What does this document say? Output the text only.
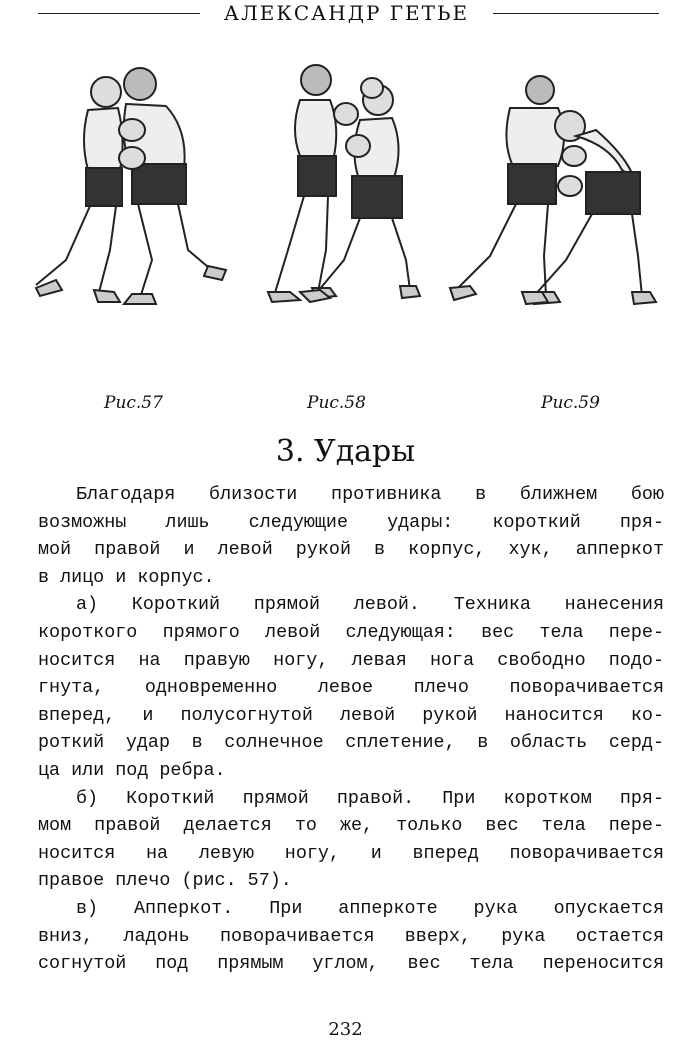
АЛЕКСАНДР ГЕТЬЕ
Рис.57	Рис.58	Рис.59
3. Удары
Благодаря близости противника в ближнем бою
возможны лишь следующие удары: короткий пря-
мой правой и левой рукой в корпус, хук, апперкот
в лицо и корпус.
а) Короткий прямой левой. Техника нанесения
короткого прямого левой следующая: вес тела пере-
носится на правую ногу, левая нога свободно подо-
гнута, одновременно левое плечо поворачивается
вперед, и полусогнутой левой рукой наносится ко-
роткий удар в солнечное сплетение, в область серд-
ца или под ребра.
б) Короткий прямой правой. При коротком пря-
мом правой делается то же, только вес тела пере-
носится на левую ногу, и вперед поворачивается
правое плечо (рис. 57).
в) Апперкот. При апперкоте рука опускается
вниз, ладонь поворачивается вверх, рука остается
согнутой под прямым углом, вес тела переносится
232
